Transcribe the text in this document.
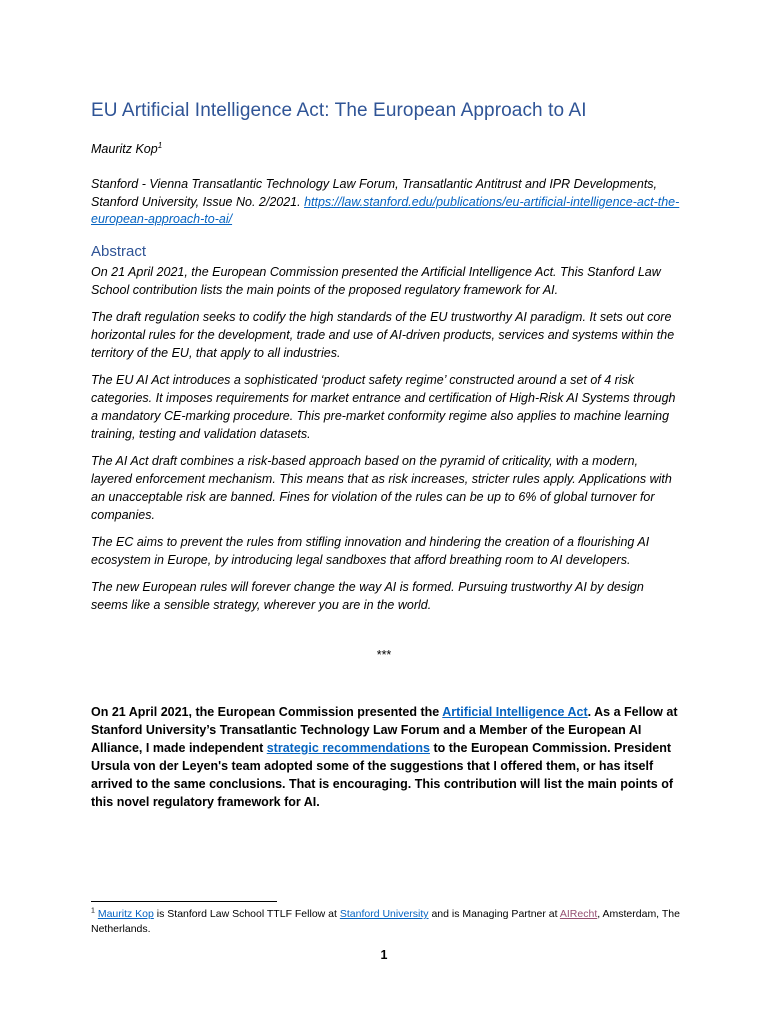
EU Artificial Intelligence Act: The European Approach to AI
Mauritz Kop$^1$
Stanford - Vienna Transatlantic Technology Law Forum, Transatlantic Antitrust and IPR Developments, Stanford University, Issue No. 2/2021. https://law.stanford.edu/publications/eu-artificial-intelligence-act-the-european-approach-to-ai/
Abstract

On 21 April 2021, the European Commission presented the Artificial Intelligence Act. This Stanford Law School contribution lists the main points of the proposed regulatory framework for AI.

The draft regulation seeks to codify the high standards of the EU trustworthy AI paradigm. It sets out core horizontal rules for the development, trade and use of AI-driven products, services and systems within the territory of the EU, that apply to all industries.

The EU AI Act introduces a sophisticated ‘product safety regime’ constructed around a set of 4 risk categories. It imposes requirements for market entrance and certification of High-Risk AI Systems through a mandatory CE-marking procedure. This pre-market conformity regime also applies to machine learning training, testing and validation datasets.

The AI Act draft combines a risk-based approach based on the pyramid of criticality, with a modern, layered enforcement mechanism. This means that as risk increases, stricter rules apply. Applications with an unacceptable risk are banned. Fines for violation of the rules can be up to 6% of global turnover for companies.

The EC aims to prevent the rules from stifling innovation and hindering the creation of a flourishing AI ecosystem in Europe, by introducing legal sandboxes that afford breathing room to AI developers.

The new European rules will forever change the way AI is formed. Pursuing trustworthy AI by design seems like a sensible strategy, wherever you are in the world.

***
On 21 April 2021, the European Commission presented the Artificial Intelligence Act. As a Fellow at Stanford University’s Transatlantic Technology Law Forum and a Member of the European AI Alliance, I made independent strategic recommendations to the European Commission. President Ursula von der Leyen's team adopted some of the suggestions that I offered them, or has itself arrived to the same conclusions. That is encouraging. This contribution will list the main points of this novel regulatory framework for AI.
$^1$ Mauritz Kop is Stanford Law School TTLF Fellow at Stanford University and is Managing Partner at AIRecht, Amsterdam, The Netherlands.
1
